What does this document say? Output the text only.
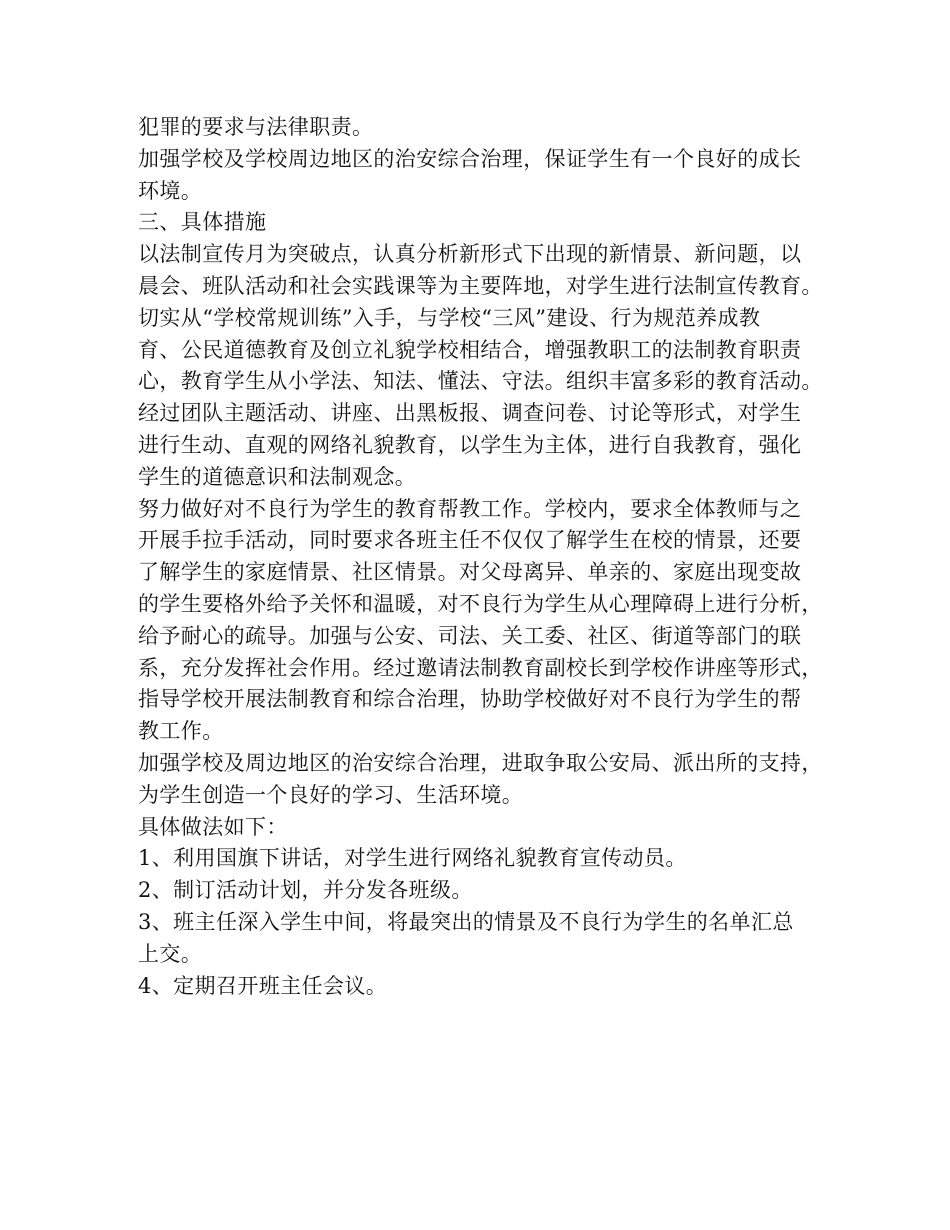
犯罪的要求与法律职责。
加强学校及学校周边地区的治安综合治理，保证学生有一个良好的成长
环境。
三、具体措施
以法制宣传月为突破点，认真分析新形式下出现的新情景、新问题，以
晨会、班队活动和社会实践课等为主要阵地，对学生进行法制宣传教育。
切实从“学校常规训练”入手，与学校“三风”建设、行为规范养成教
育、公民道德教育及创立礼貌学校相结合，增强教职工的法制教育职责
心，教育学生从小学法、知法、懂法、守法。组织丰富多彩的教育活动。
经过团队主题活动、讲座、出黑板报、调查问卷、讨论等形式，对学生
进行生动、直观的网络礼貌教育，以学生为主体，进行自我教育，强化
学生的道德意识和法制观念。
努力做好对不良行为学生的教育帮教工作。学校内，要求全体教师与之
开展手拉手活动，同时要求各班主任不仅仅了解学生在校的情景，还要
了解学生的家庭情景、社区情景。对父母离异、单亲的、家庭出现变故
的学生要格外给予关怀和温暖，对不良行为学生从心理障碍上进行分析，
给予耐心的疏导。加强与公安、司法、关工委、社区、街道等部门的联
系，充分发挥社会作用。经过邀请法制教育副校长到学校作讲座等形式，
指导学校开展法制教育和综合治理，协助学校做好对不良行为学生的帮
教工作。
加强学校及周边地区的治安综合治理，进取争取公安局、派出所的支持，
为学生创造一个良好的学习、生活环境。
具体做法如下：
1、利用国旗下讲话，对学生进行网络礼貌教育宣传动员。
2、制订活动计划，并分发各班级。
3、班主任深入学生中间，将最突出的情景及不良行为学生的名单汇总
上交。
4、定期召开班主任会议。
